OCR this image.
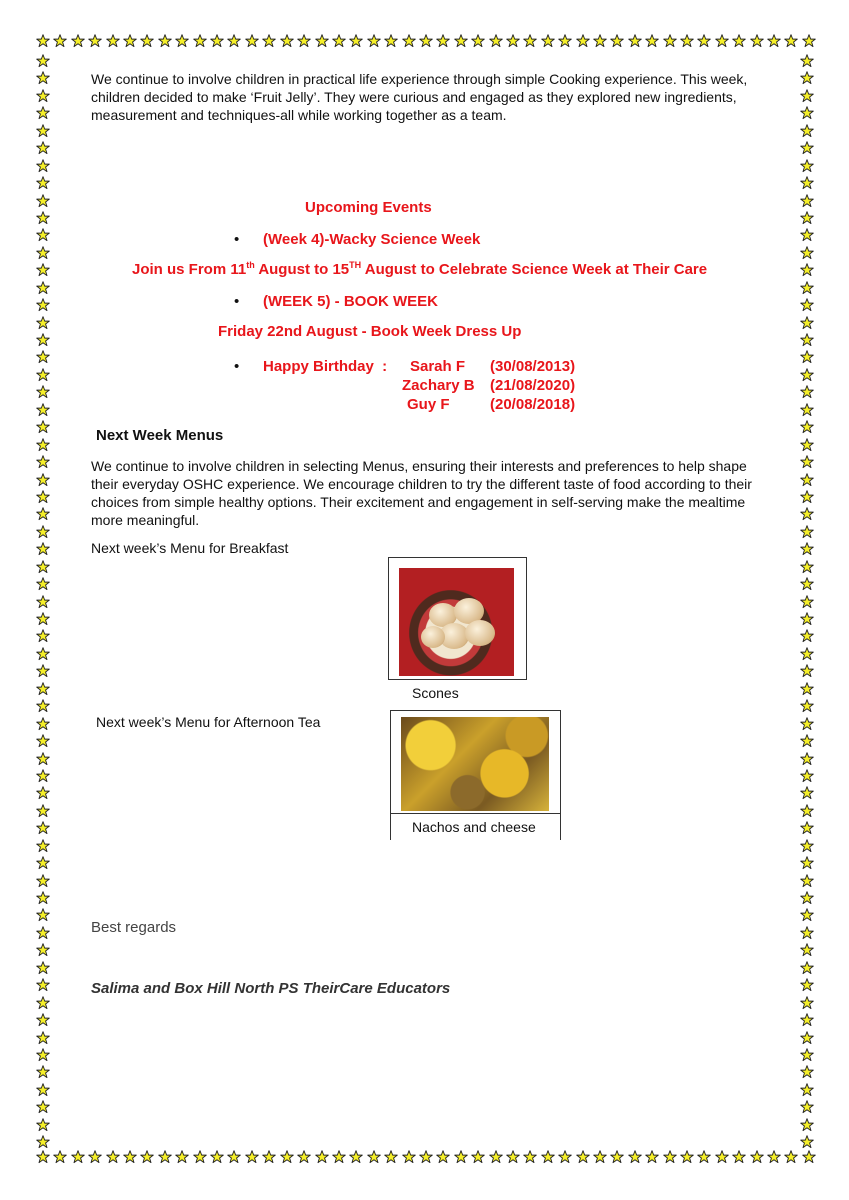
We continue to involve children in practical life experience through simple Cooking experience. This week, children decided to make ‘Fruit Jelly’. They were curious and engaged as they explored new ingredients, measurement and techniques-all while working together as a team.
Upcoming Events
• (Week 4)-Wacky Science Week
Join us From 11th August to 15TH August to Celebrate Science Week at Their Care
• (WEEK 5) - BOOK WEEK
Friday 22nd August - Book Week Dress Up
• Happy Birthday  : Sarah F (30/08/2013)
Zachary B (21/08/2020)
Guy F	(20/08/2018)
Next Week Menus
We continue to involve children in selecting Menus, ensuring their interests and preferences to help shape their everyday OSHC experience. We encourage children to try the different taste of food according to their choices from simple healthy options. Their excitement and engagement in self-serving make the mealtime more meaningful.
Next week’s Menu for Breakfast
Scones
Next week’s Menu for Afternoon Tea
Nachos and cheese
Best regards
Salima and Box Hill North PS TheirCare Educators
